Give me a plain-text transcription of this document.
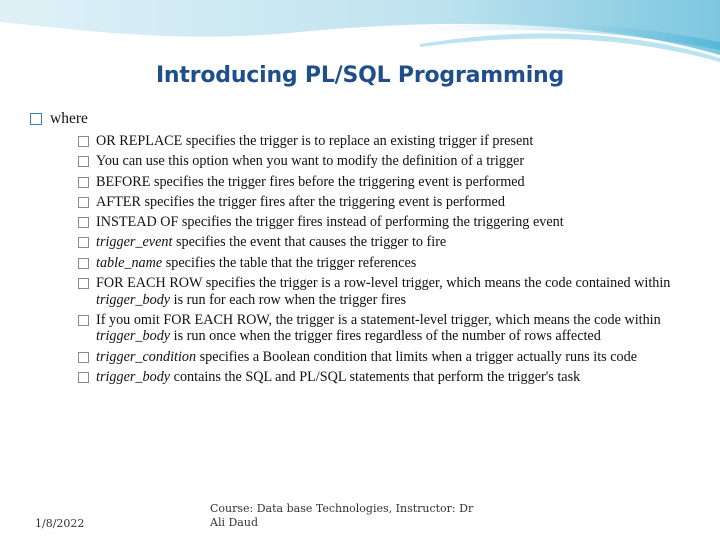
Introducing PL/SQL Programming
where
OR REPLACE specifies the trigger is to replace an existing trigger if present
You can use this option when you want to modify the definition of a trigger
BEFORE specifies the trigger fires before the triggering event is performed
AFTER specifies the trigger fires after the triggering event is performed
INSTEAD OF specifies the trigger fires instead of performing the triggering event
trigger_event specifies the event that causes the trigger to fire
table_name specifies the table that the trigger references
FOR EACH ROW specifies the trigger is a row-level trigger, which means the code contained within trigger_body is run for each row when the trigger fires
If you omit FOR EACH ROW, the trigger is a statement-level trigger, which means the code within trigger_body is run once when the trigger fires regardless of the number of rows affected
trigger_condition specifies a Boolean condition that limits when a trigger actually runs its code
trigger_body contains the SQL and PL/SQL statements that perform the trigger's task
1/8/2022
Course: Data base Technologies, Instructor: Dr Ali Daud
